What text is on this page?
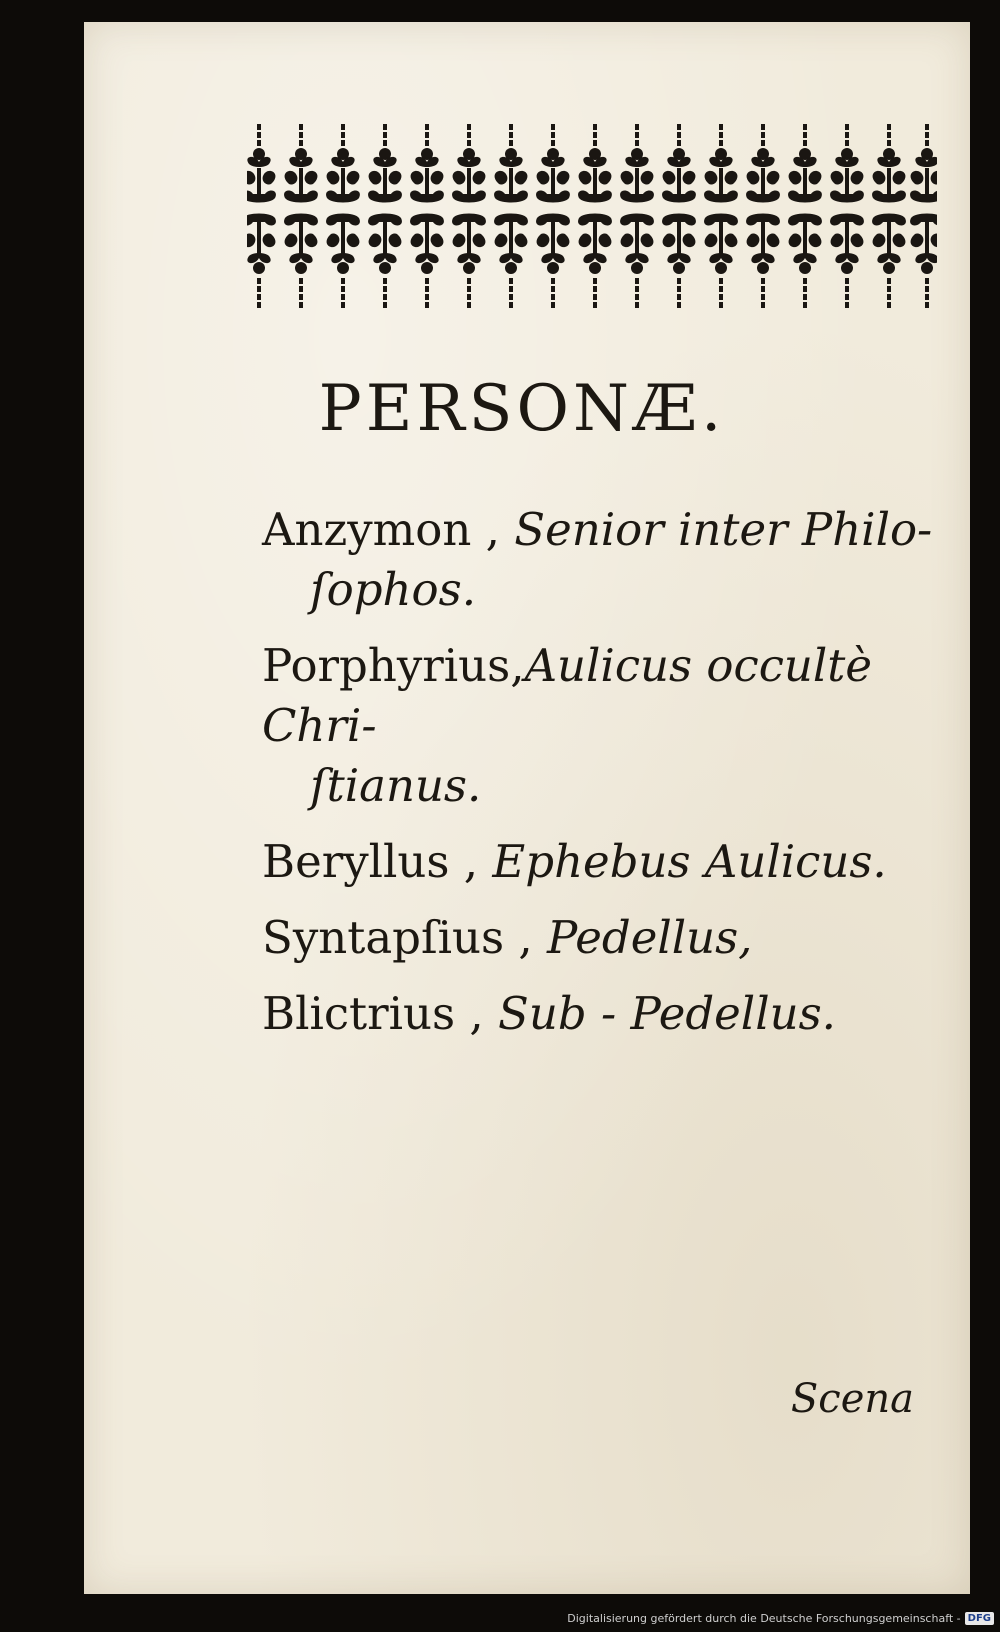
PERSONÆ.
Anzymon , Senior inter Philo-
ſophos.
Porphyrius,Aulicus occultè Chri-
ſtianus.
Beryllus , Ephebus Aulicus.
Syntapſius , Pedellus,
Blictrius , Sub - Pedellus.
Scena
Digitalisierung gefördert durch die Deutsche Forschungsgemeinschaft - DFG
